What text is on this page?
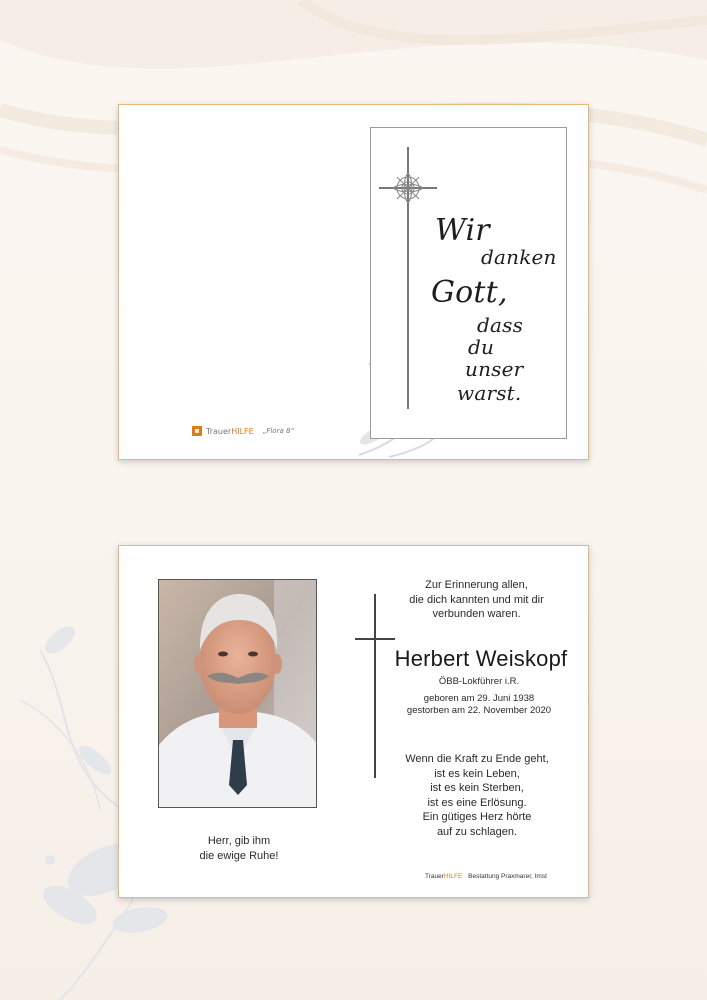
Wir
danken
Gott,
dass
du
unser
warst.
Trauer HILFE „Flora 8“
Herr, gib ihm
die ewige Ruhe!
Zur Erinnerung allen,
die dich kannten und mit dir
verbunden waren.
Herbert Weiskopf
ÖBB-Lokführer i.R.
geboren am 29. Juni 1938
gestorben am 22. November 2020
Wenn die Kraft zu Ende geht,
ist es kein Leben,
ist es kein Sterben,
ist es eine Erlösung.
Ein gütiges Herz hörte
auf zu schlagen.
TrauerHILFE Bestattung Praxmarer, Imst
